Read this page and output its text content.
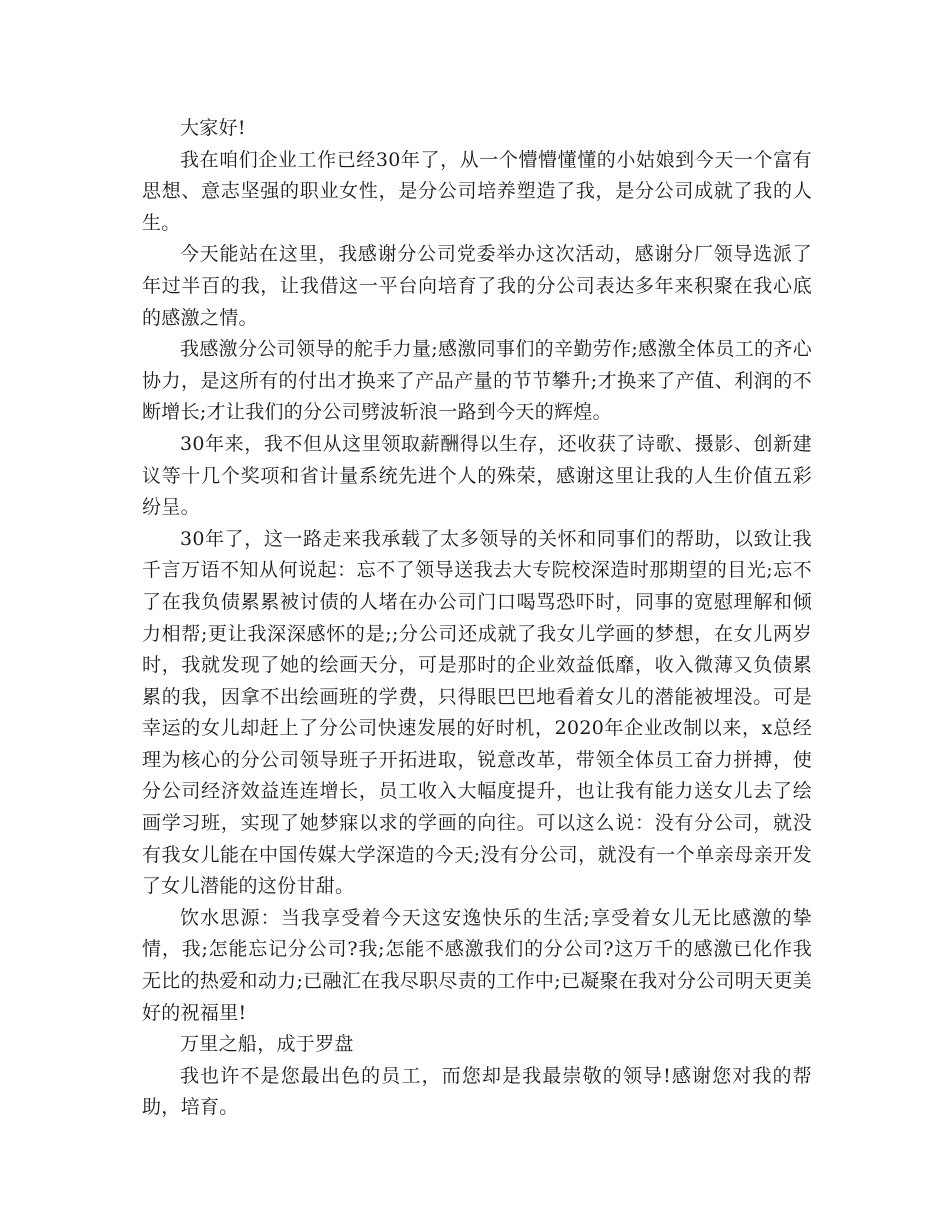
大家好!

我在咱们企业工作已经30年了，从一个懵懵懂懂的小姑娘到今天一个富有思想、意志坚强的职业女性，是分公司培养塑造了我，是分公司成就了我的人生。

今天能站在这里，我感谢分公司党委举办这次活动，感谢分厂领导选派了年过半百的我，让我借这一平台向培育了我的分公司表达多年来积聚在我心底的感激之情。

我感激分公司领导的舵手力量;感激同事们的辛勤劳作;感激全体员工的齐心协力，是这所有的付出才换来了产品产量的节节攀升;才换来了产值、利润的不断增长;才让我们的分公司劈波斩浪一路到今天的辉煌。

30年来，我不但从这里领取薪酬得以生存，还收获了诗歌、摄影、创新建议等十几个奖项和省计量系统先进个人的殊荣，感谢这里让我的人生价值五彩纷呈。

30年了，这一路走来我承载了太多领导的关怀和同事们的帮助，以致让我千言万语不知从何说起：忘不了领导送我去大专院校深造时那期望的目光;忘不了在我负债累累被讨债的人堵在办公司门口喝骂恐吓时，同事的宽慰理解和倾力相帮;更让我深深感怀的是;;分公司还成就了我女儿学画的梦想，在女儿两岁时，我就发现了她的绘画天分，可是那时的企业效益低靡，收入微薄又负债累累的我，因拿不出绘画班的学费，只得眼巴巴地看着女儿的潜能被埋没。可是幸运的女儿却赶上了分公司快速发展的好时机，2020年企业改制以来，x总经理为核心的分公司领导班子开拓进取，锐意改革，带领全体员工奋力拼搏，使分公司经济效益连连增长，员工收入大幅度提升，也让我有能力送女儿去了绘画学习班，实现了她梦寐以求的学画的向往。可以这么说：没有分公司，就没有我女儿能在中国传媒大学深造的今天;没有分公司，就没有一个单亲母亲开发了女儿潜能的这份甘甜。

饮水思源：当我享受着今天这安逸快乐的生活;享受着女儿无比感激的挚情，我;怎能忘记分公司?我;怎能不感激我们的分公司?这万千的感激已化作我无比的热爱和动力;已融汇在我尽职尽责的工作中;已凝聚在我对分公司明天更美好的祝福里!

万里之船，成于罗盘

我也许不是您最出色的员工，而您却是我最崇敬的领导!感谢您对我的帮助，培育。
